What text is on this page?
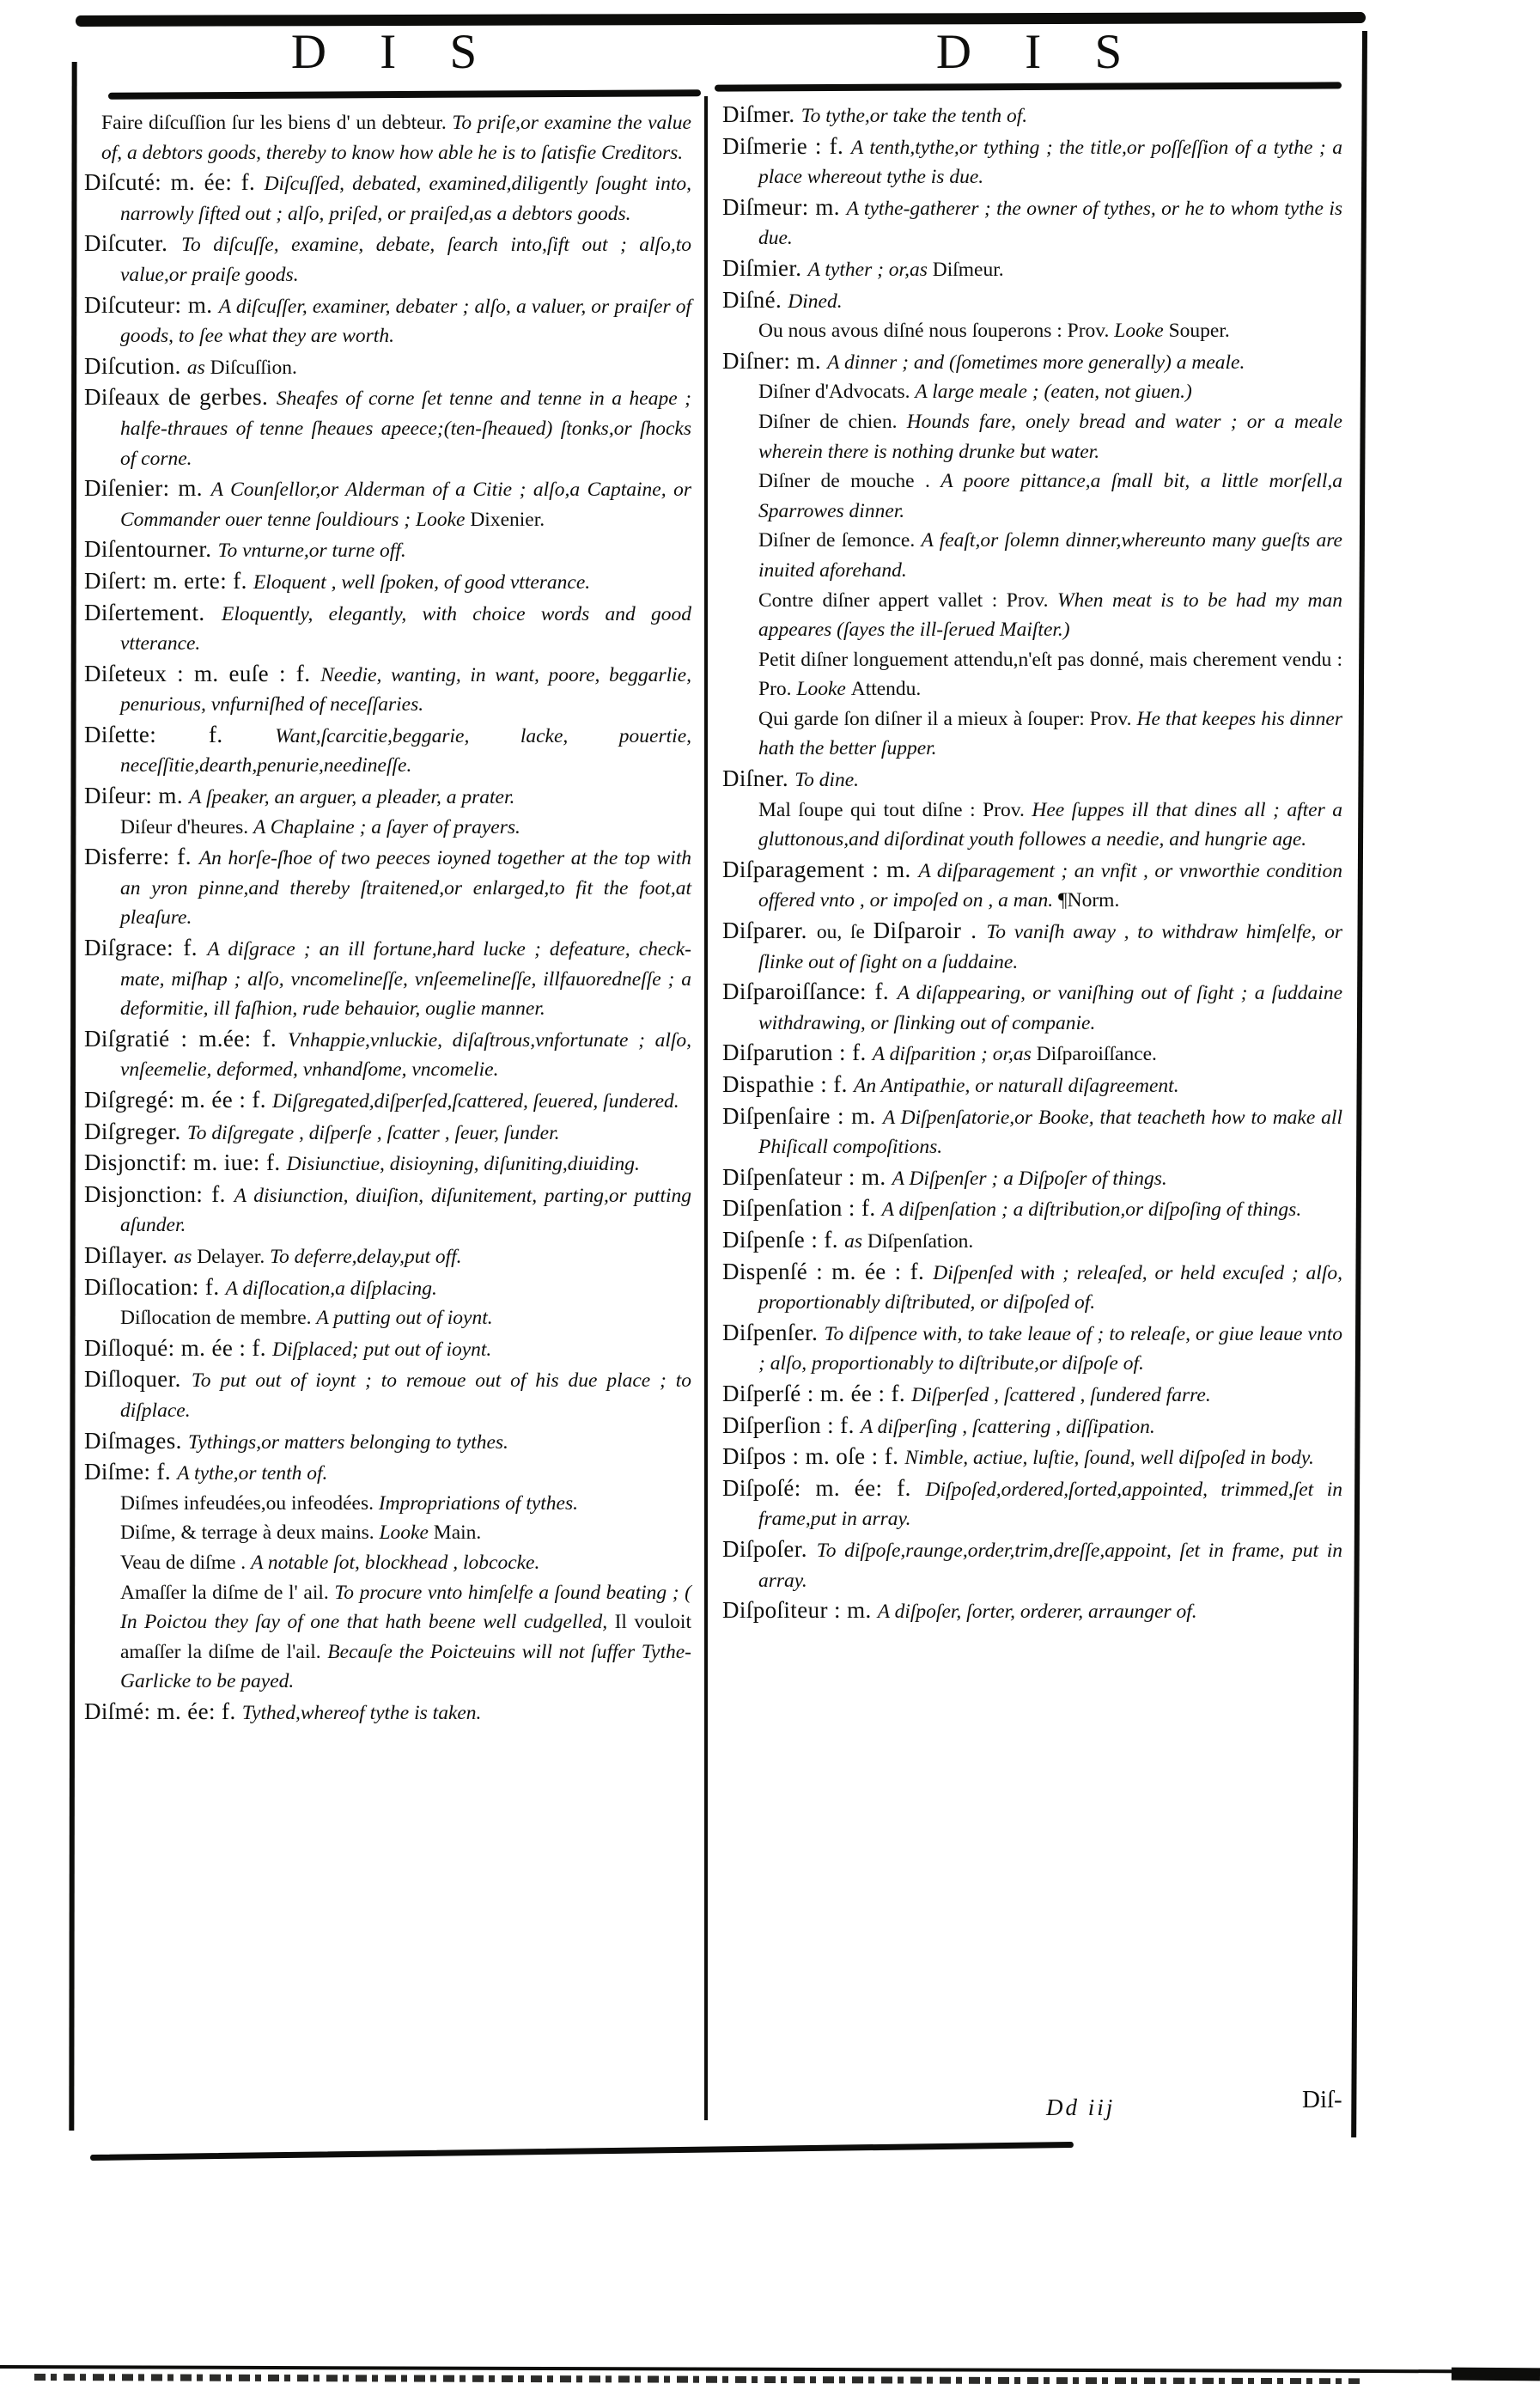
D I S	D I S

Faire diſcuſſion ſur les biens d' un debteur. To priſe,or examine the value of, a debtors goods, thereby to know how able he is to ſatisfie Creditors.

Diſcuté: m. ée: f. Diſcuſſed, debated, examined,diligently ſought into, narrowly ſifted out ; alſo, priſed, or praiſed,as a debtors goods.

Diſcuter. To diſcuſſe, examine, debate, ſearch into,ſift out ; alſo,to value,or praiſe goods.

Diſcuteur: m. A diſcuſſer, examiner, debater ; alſo, a valuer, or praiſer of goods, to ſee what they are worth.

Diſcution. as Diſcuſſion.

Diſeaux de gerbes. Sheafes of corne ſet tenne and tenne in a heape ; halfe-thraues of tenne ſheaues apeece;(ten-ſheaued) ſtonks,or ſhocks of corne.

Diſenier: m. A Counſellor,or Alderman of a Citie ; alſo,a Captaine, or Commander ouer tenne ſouldiours ; Looke Dixenier.

Diſentourner. To vnturne,or turne off.

Diſert: m. erte: f. Eloquent , well ſpoken, of good vtterance.

Diſertement. Eloquently, elegantly, with choice words and good vtterance.

Diſeteux : m. euſe : f. Needie, wanting, in want, poore, beggarlie, penurious, vnfurniſhed of neceſſaries.

Diſette: f. Want,ſcarcitie,beggarie, lacke, pouertie, neceſſitie,dearth,penurie,needineſſe.

Diſeur: m. A ſpeaker, an arguer, a pleader, a prater.

Diſeur d'heures. A Chaplaine ; a ſayer of prayers.

Disferre: f. An horſe-ſhoe of two peeces ioyned together at the top with an yron pinne,and thereby ſtraitened,or enlarged,to fit the foot,at pleaſure.

Diſgrace: f. A diſgrace ; an ill fortune,hard lucke ; defeature, check-mate, miſhap ; alſo, vncomelineſſe, vnſeemelineſſe, illfauoredneſſe ; a deformitie, ill faſhion, rude behauior, ouglie manner.

Diſgratié : m.ée: f. Vnhappie,vnluckie, diſaſtrous,vnfortunate ; alſo, vnſeemelie, deformed, vnhandſome, vncomelie.

Diſgregé: m. ée : f. Diſgregated,diſperſed,ſcattered, ſeuered, ſundered.

Diſgreger. To diſgregate , diſperſe , ſcatter , ſeuer, ſunder.

Disjonctif: m. iue: f. Disiunctiue, disioyning, diſuniting,diuiding.

Disjonction: f. A disiunction, diuiſion, diſunitement, parting,or putting aſunder.

Diſlayer. as Delayer. To deferre,delay,put off.

Diſlocation: f. A diſlocation,a diſplacing.

Diſlocation de membre. A putting out of ioynt.

Diſloqué: m. ée : f. Diſplaced; put out of ioynt.

Diſloquer. To put out of ioynt ; to remoue out of his due place ; to diſplace.

Diſmages. Tythings,or matters belonging to tythes.

Diſme: f. A tythe,or tenth of.

Diſmes infeudées,ou infeodées. Impropriations of tythes.

Diſme, & terrage à deux mains. Looke Main.

Veau de diſme . A notable ſot, blockhead , lobcocke.

Amaſſer la diſme de l' ail. To procure vnto himſelfe a ſound beating ; ( In Poictou they ſay of one that hath beene well cudgelled, Il vouloit amaſſer la diſme de l'ail. Becauſe the Poicteuins will not ſuffer Tythe-Garlicke to be payed.

Diſmé: m. ée: f. Tythed,whereof tythe is taken.

Diſmer. To tythe,or take the tenth of.

Diſmerie : f. A tenth,tythe,or tything ; the title,or poſſeſſion of a tythe ; a place whereout tythe is due.

Diſmeur: m. A tythe-gatherer ; the owner of tythes, or he to whom tythe is due.

Diſmier. A tyther ; or,as Diſmeur.

Diſné. Dined.

Ou nous avous diſné nous ſouperons : Prov. Looke Souper.

Diſner: m. A dinner ; and (ſometimes more generally) a meale.

Diſner d'Advocats. A large meale ; (eaten, not giuen.)

Diſner de chien. Hounds fare, onely bread and water ; or a meale wherein there is nothing drunke but water.

Diſner de mouche . A poore pittance,a ſmall bit, a little morſell,a Sparrowes dinner.

Diſner de ſemonce. A feaſt,or ſolemn dinner,whereunto many gueſts are inuited aforehand.

Contre diſner appert vallet : Prov. When meat is to be had my man appeares (ſayes the ill-ſerued Maiſter.)

Petit diſner longuement attendu,n'eſt pas donné, mais cherement vendu : Pro. Looke Attendu.

Qui garde ſon diſner il a mieux à ſouper: Prov. He that keepes his dinner hath the better ſupper.

Diſner. To dine.

Mal ſoupe qui tout diſne : Prov. Hee ſuppes ill that dines all ; after a gluttonous,and diſordinat youth followes a needie, and hungrie age.

Diſparagement : m. A diſparagement ; an vnfit , or vnworthie condition offered vnto , or impoſed on , a man. ¶Norm.

Diſparer. ou, ſe Diſparoir . To vaniſh away , to withdraw himſelfe, or ſlinke out of ſight on a ſuddaine.

Diſparoiſſance: f. A diſappearing, or vaniſhing out of ſight ; a ſuddaine withdrawing, or ſlinking out of companie.

Diſparution : f. A diſparition ; or,as Diſparoiſſance.

Dispathie : f. An Antipathie, or naturall diſagreement.

Diſpenſaire : m. A Diſpenſatorie,or Booke, that teacheth how to make all Phiſicall compoſitions.

Diſpenſateur : m. A Diſpenſer ; a Diſpoſer of things.

Diſpenſation : f. A diſpenſation ; a diſtribution,or diſpoſing of things.

Diſpenſe : f. as Diſpenſation.

Dispenſé : m. ée : f. Diſpenſed with ; releaſed, or held excuſed ; alſo, proportionably diſtributed, or diſpoſed of.

Diſpenſer. To diſpence with, to take leaue of ; to releaſe, or giue leaue vnto ; alſo, proportionably to diſtribute,or diſpoſe of.

Diſperſé : m. ée : f. Diſperſed , ſcattered , ſundered farre.

Diſperſion : f. A diſperſing , ſcattering , diſſipation.

Diſpos : m. oſe : f. Nimble, actiue, luſtie, ſound, well diſpoſed in body.

Diſpoſé: m. ée: f. Diſpoſed,ordered,ſorted,appointed, trimmed,ſet in frame,put in array.

Diſpoſer. To diſpoſe,raunge,order,trim,dreſſe,appoint, ſet in frame, put in array.

Diſpoſiteur : m. A diſpoſer, ſorter, orderer, arraunger of.

Dd iij	Diſ-
